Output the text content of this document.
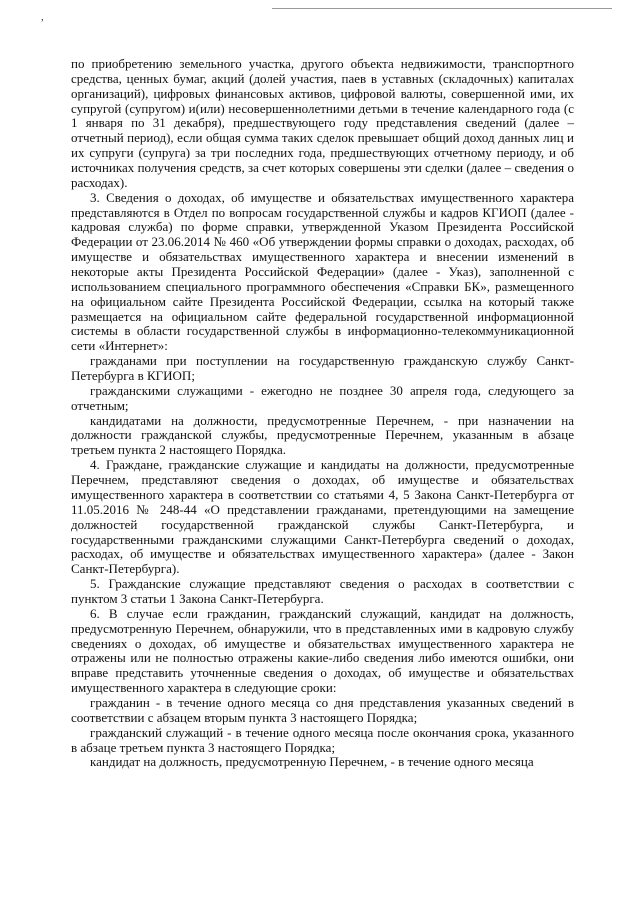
,

по приобретению земельного участка, другого объекта недвижимости, транспортного средства, ценных бумаг, акций (долей участия, паев в уставных (складочных) капиталах организаций), цифровых финансовых активов, цифровой валюты, совершенной ими, их супругой (супругом) и(или) несовершеннолетними детьми в течение календарного года (с 1 января по 31 декабря), предшествующего году представления сведений (далее – отчетный период), если общая сумма таких сделок превышает общий доход данных лиц и их супруги (супруга) за три последних года, предшествующих отчетному периоду, и об источниках получения средств, за счет которых совершены эти сделки (далее – сведения о расходах).

3. Сведения о доходах, об имуществе и обязательствах имущественного характера представляются в Отдел по вопросам государственной службы и кадров КГИОП (далее - кадровая служба) по форме справки, утвержденной Указом Президента Российской Федерации от 23.06.2014 № 460 «Об утверждении формы справки о доходах, расходах, об имуществе и обязательствах имущественного характера и внесении изменений в некоторые акты Президента Российской Федерации» (далее - Указ), заполненной с использованием специального программного обеспечения «Справки БК», размещенного на официальном сайте Президента Российской Федерации, ссылка на который также размещается на официальном сайте федеральной государственной информационной системы в области государственной службы в информационно-телекоммуникационной сети «Интернет»:

гражданами при поступлении на государственную гражданскую службу Санкт-Петербурга в КГИОП;

гражданскими служащими - ежегодно не позднее 30 апреля года, следующего за отчетным;

кандидатами на должности, предусмотренные Перечнем, - при назначении на должности гражданской службы, предусмотренные Перечнем, указанным в абзаце третьем пункта 2 настоящего Порядка.

4. Граждане, гражданские служащие и кандидаты на должности, предусмотренные Перечнем, представляют сведения о доходах, об имуществе и обязательствах имущественного характера в соответствии со статьями 4, 5 Закона Санкт-Петербурга от 11.05.2016 № 248-44 «О представлении гражданами, претендующими на замещение должностей государственной гражданской службы Санкт-Петербурга, и государственными гражданскими служащими Санкт-Петербурга сведений о доходах, расходах, об имуществе и обязательствах имущественного характера» (далее - Закон Санкт-Петербурга).

5. Гражданские служащие представляют сведения о расходах в соответствии с пунктом 3 статьи 1 Закона Санкт-Петербурга.

6. В случае если гражданин, гражданский служащий, кандидат на должность, предусмотренную Перечнем, обнаружили, что в представленных ими в кадровую службу сведениях о доходах, об имуществе и обязательствах имущественного характера не отражены или не полностью отражены какие-либо сведения либо имеются ошибки, они вправе представить уточненные сведения о доходах, об имуществе и обязательствах имущественного характера в следующие сроки:

гражданин - в течение одного месяца со дня представления указанных сведений в соответствии с абзацем вторым пункта 3 настоящего Порядка;

гражданский служащий - в течение одного месяца после окончания срока, указанного в абзаце третьем пункта 3 настоящего Порядка;

кандидат на должность, предусмотренную Перечнем, - в течение одного месяца
